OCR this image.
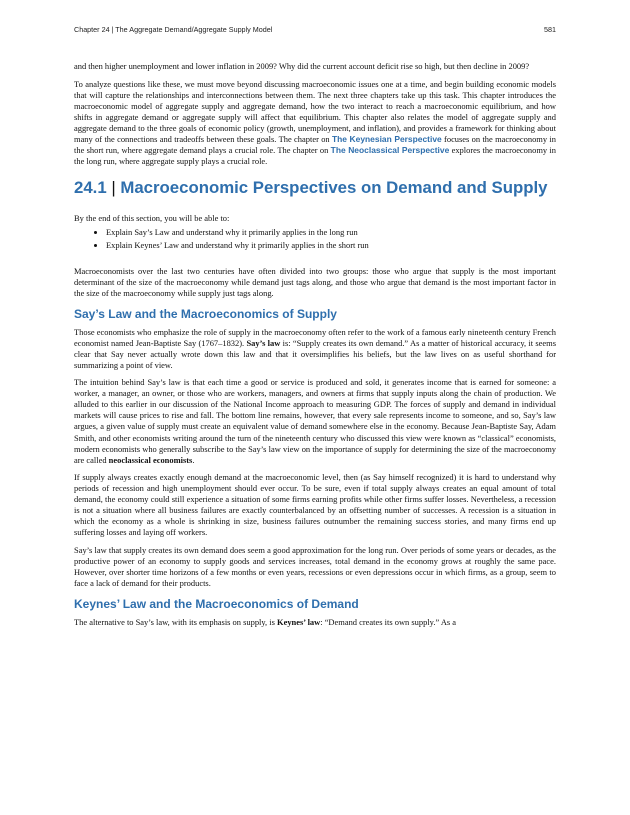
Chapter 24 | The Aggregate Demand/Aggregate Supply Model	581

and then higher unemployment and lower inflation in 2009? Why did the current account deficit rise so high, but then decline in 2009?

To analyze questions like these, we must move beyond discussing macroeconomic issues one at a time, and begin building economic models that will capture the relationships and interconnections between them. The next three chapters take up this task. This chapter introduces the macroeconomic model of aggregate supply and aggregate demand, how the two interact to reach a macroeconomic equilibrium, and how shifts in aggregate demand or aggregate supply will affect that equilibrium. This chapter also relates the model of aggregate supply and aggregate demand to the three goals of economic policy (growth, unemployment, and inflation), and provides a framework for thinking about many of the connections and tradeoffs between these goals. The chapter on The Keynesian Perspective focuses on the macroeconomy in the short run, where aggregate demand plays a crucial role. The chapter on The Neoclassical Perspective explores the macroeconomy in the long run, where aggregate supply plays a crucial role.

24.1 | Macroeconomic Perspectives on Demand and Supply

By the end of this section, you will be able to:

• Explain Say’s Law and understand why it primarily applies in the long run
• Explain Keynes’ Law and understand why it primarily applies in the short run

Macroeconomists over the last two centuries have often divided into two groups: those who argue that supply is the most important determinant of the size of the macroeconomy while demand just tags along, and those who argue that demand is the most important factor in the size of the macroeconomy while supply just tags along.

Say’s Law and the Macroeconomics of Supply

Those economists who emphasize the role of supply in the macroeconomy often refer to the work of a famous early nineteenth century French economist named Jean-Baptiste Say (1767–1832). Say’s law is: “Supply creates its own demand.” As a matter of historical accuracy, it seems clear that Say never actually wrote down this law and that it oversimplifies his beliefs, but the law lives on as useful shorthand for summarizing a point of view.

The intuition behind Say’s law is that each time a good or service is produced and sold, it generates income that is earned for someone: a worker, a manager, an owner, or those who are workers, managers, and owners at firms that supply inputs along the chain of production. We alluded to this earlier in our discussion of the National Income approach to measuring GDP. The forces of supply and demand in individual markets will cause prices to rise and fall. The bottom line remains, however, that every sale represents income to someone, and so, Say’s law argues, a given value of supply must create an equivalent value of demand somewhere else in the economy. Because Jean-Baptiste Say, Adam Smith, and other economists writing around the turn of the nineteenth century who discussed this view were known as “classical” economists, modern economists who generally subscribe to the Say’s law view on the importance of supply for determining the size of the macroeconomy are called neoclassical economists.

If supply always creates exactly enough demand at the macroeconomic level, then (as Say himself recognized) it is hard to understand why periods of recession and high unemployment should ever occur. To be sure, even if total supply always creates an equal amount of total demand, the economy could still experience a situation of some firms earning profits while other firms suffer losses. Nevertheless, a recession is not a situation where all business failures are exactly counterbalanced by an offsetting number of successes. A recession is a situation in which the economy as a whole is shrinking in size, business failures outnumber the remaining success stories, and many firms end up suffering losses and laying off workers.

Say’s law that supply creates its own demand does seem a good approximation for the long run. Over periods of some years or decades, as the productive power of an economy to supply goods and services increases, total demand in the economy grows at roughly the same pace. However, over shorter time horizons of a few months or even years, recessions or even depressions occur in which firms, as a group, seem to face a lack of demand for their products.

Keynes’ Law and the Macroeconomics of Demand

The alternative to Say’s law, with its emphasis on supply, is Keynes’ law: “Demand creates its own supply.” As a
